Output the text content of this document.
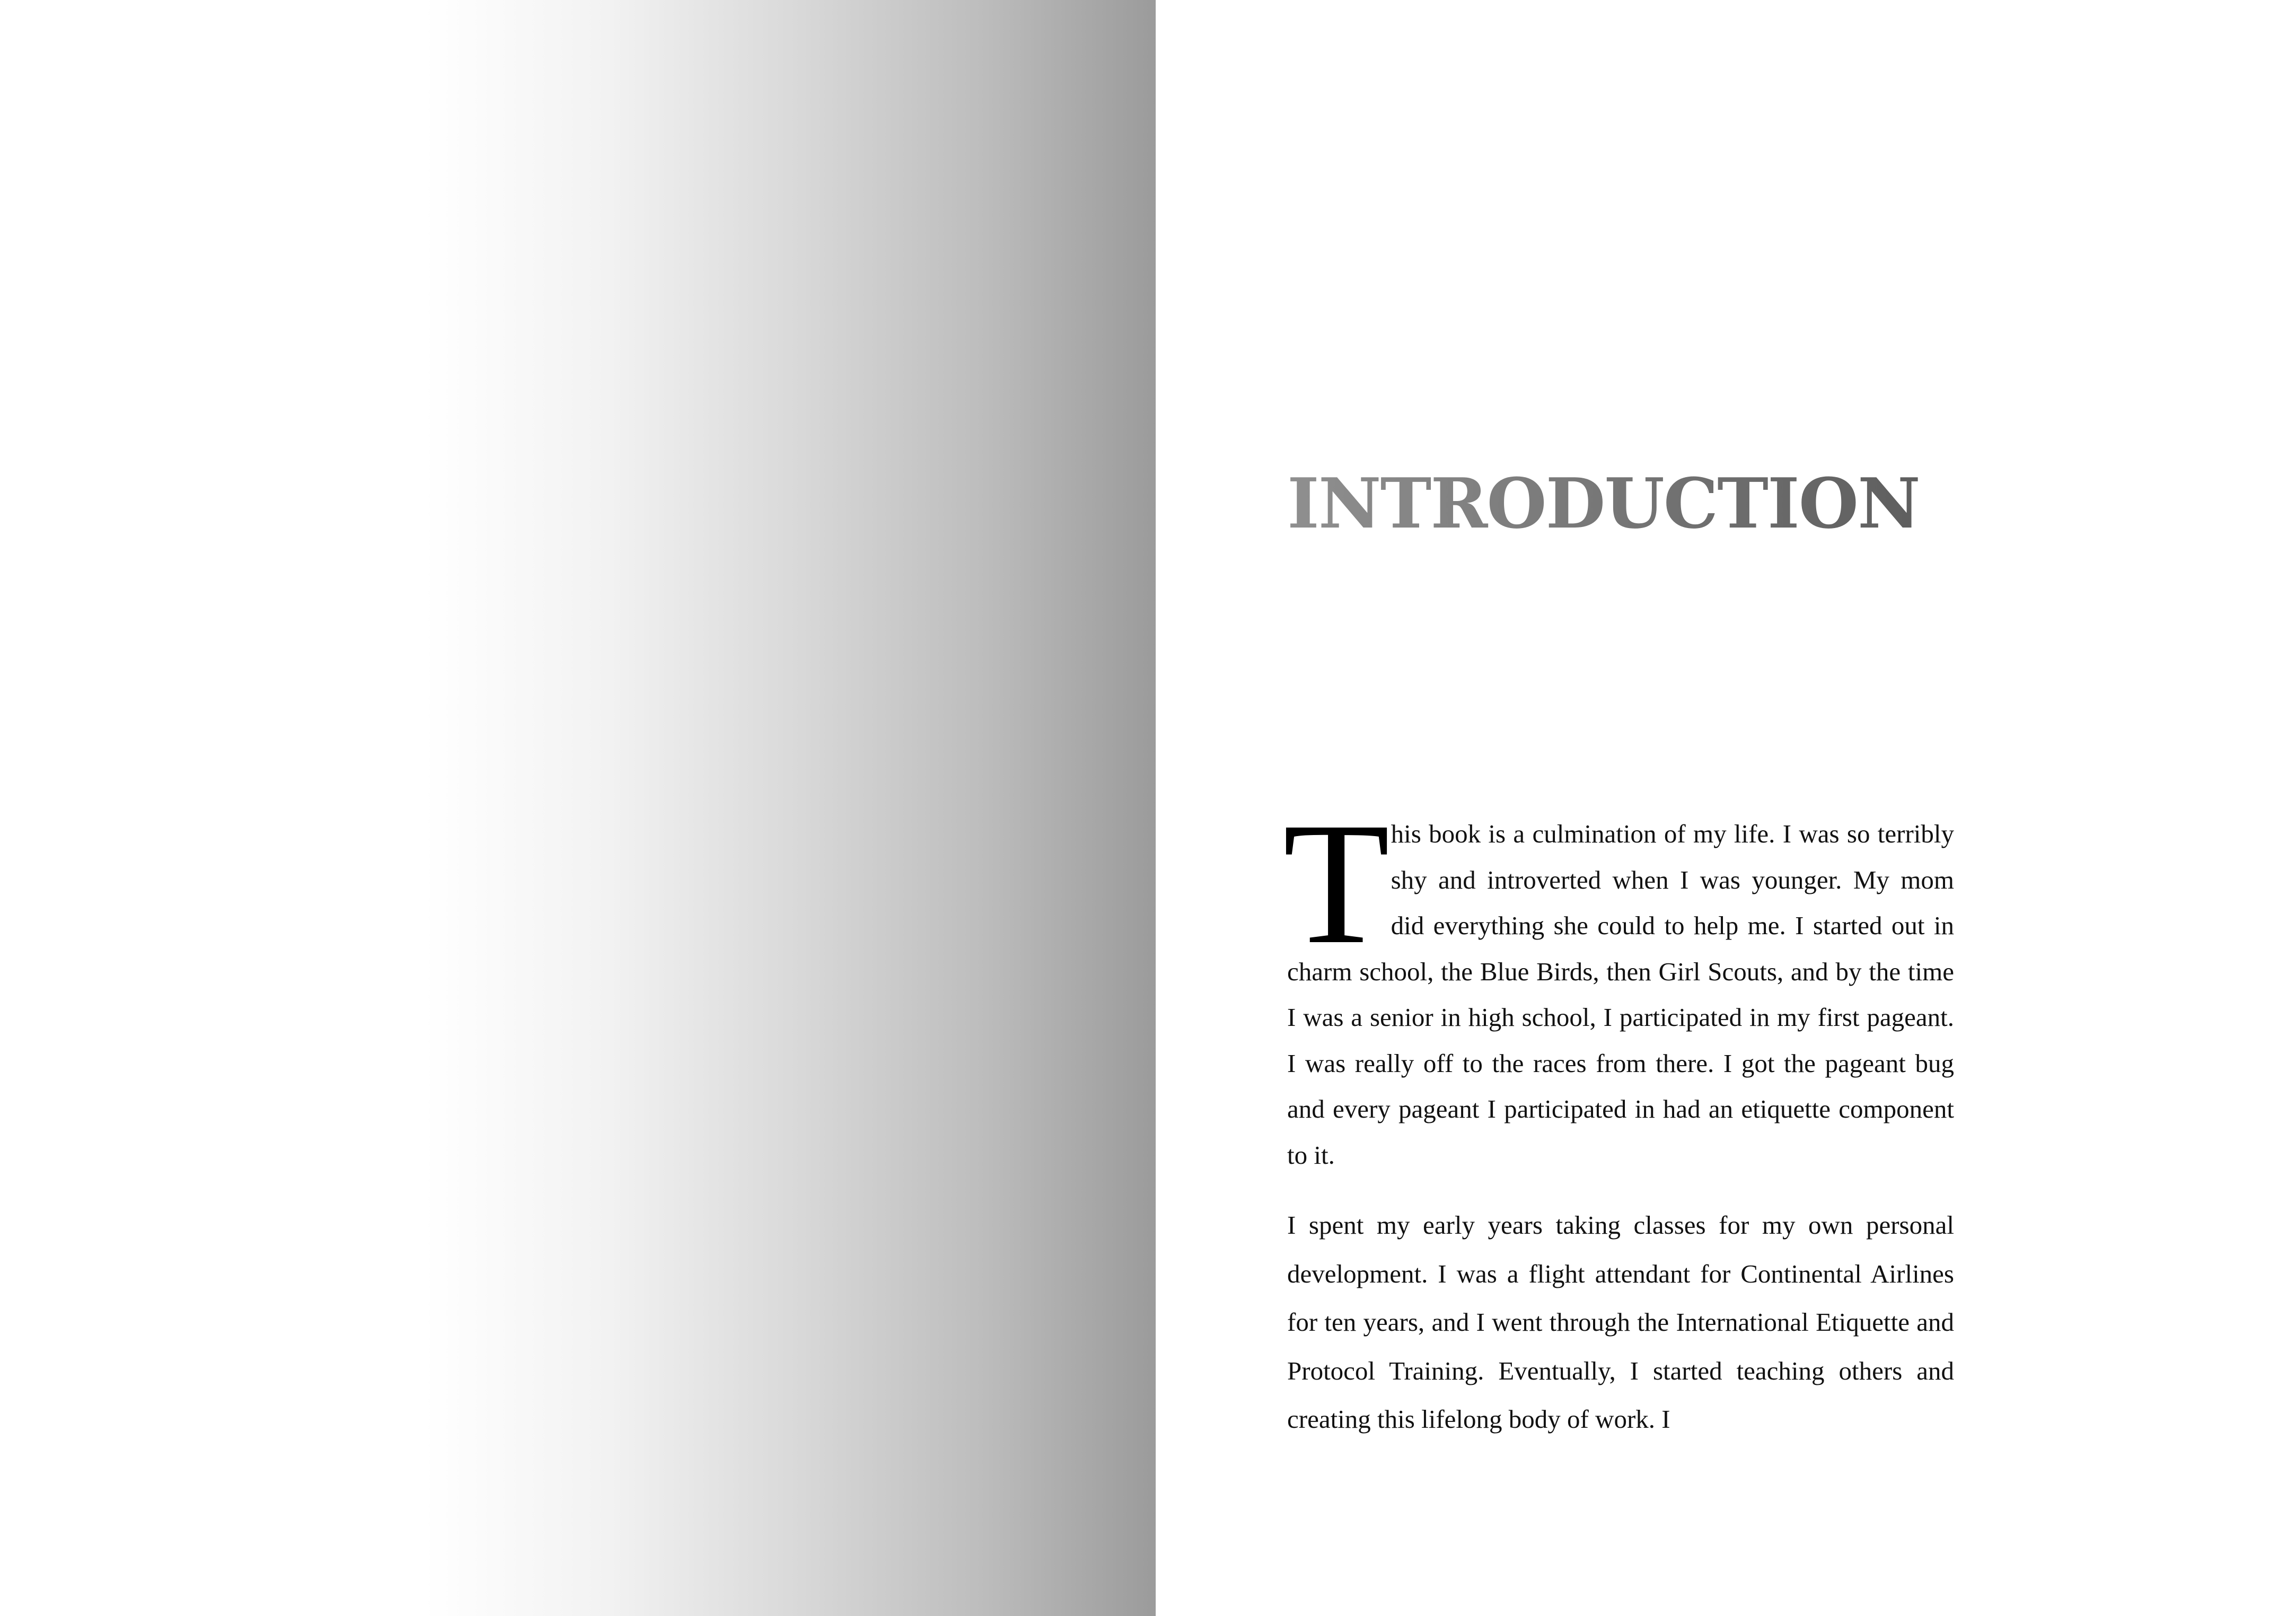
INTRODUCTION

This book is a culmination of my life. I was so terribly shy and introverted when I was younger. My mom did everything she could to help me. I started out in charm school, the Blue Birds, then Girl Scouts, and by the time I was a senior in high school, I participated in my first pageant. I was really off to the races from there. I got the pageant bug and every pageant I participated in had an etiquette component to it.

I spent my early years taking classes for my own personal development. I was a flight attendant for Continental Airlines for ten years, and I went through the International Etiquette and Protocol Training. Eventually, I started teaching others and creating this lifelong body of work. I
